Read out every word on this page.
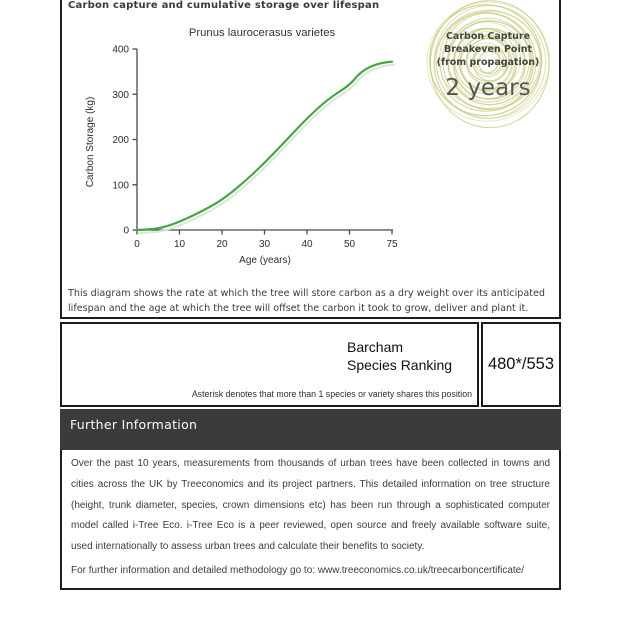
Carbon capture and cumulative storage over lifespan
Prunus laurocerasus varietes
0
100
200
300
400
0	10	20	30	40	50	75
Age (years)
Carbon Storage (kg)
This diagram shows the rate at which the tree will store carbon as a dry weight over its anticipated
lifespan and the age at which the tree will offset the carbon it took to grow, deliver and plant it.
Carbon Capture
Breakeven Point
(from propagation)
2 years
Barcham
Species Ranking
Asterisk denotes that more than 1 species or variety shares this position
480*/553
Further Information

Over the past 10 years, measurements from thousands of urban trees have been collected in towns and cities across the UK by Treeconomics and its project partners. This detailed information on tree structure (height, trunk diameter, species, crown dimensions etc) has been run through a sophisticated computer model called i-Tree Eco. i-Tree Eco is a peer reviewed, open source and freely available software suite, used internationally to assess urban trees and calculate their benefits to society.

For further information and detailed methodology go to: www.treeconomics.co.uk/treecarboncertificate/
